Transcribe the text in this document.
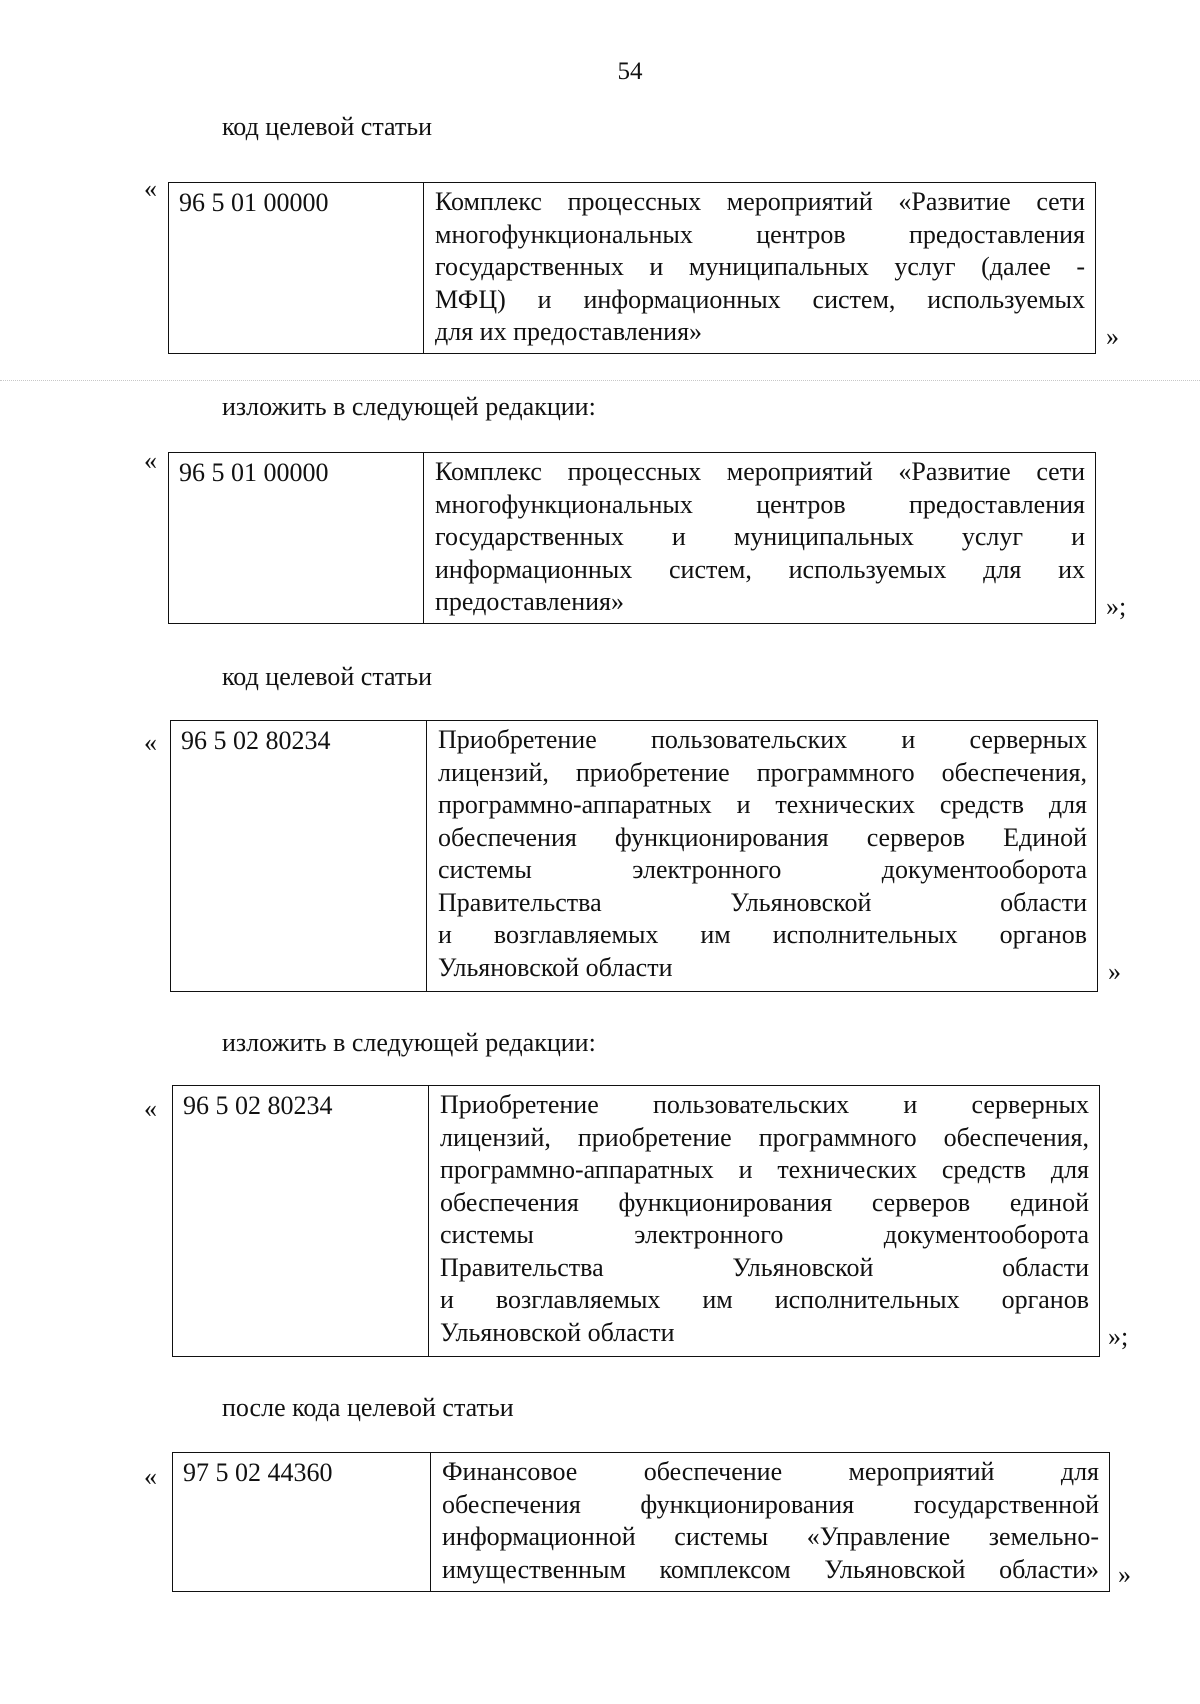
54
код целевой статьи
« 96 5 01 00000	Комплекс процессных мероприятий «Развитие сети
многофункциональных центров предоставления
государственных и муниципальных услуг (далее -
МФЦ) и информационных систем, используемых
для их предоставления»	»
изложить в следующей редакции:
« 96 5 01 00000	Комплекс процессных мероприятий «Развитие сети
многофункциональных центров предоставления
государственных и муниципальных услуг и
информационных систем, используемых для их
предоставления»	»;
код целевой статьи
« 96 5 02 80234	Приобретение пользовательских и серверных
лицензий, приобретение программного обеспечения,
программно-аппаратных и технических средств для
обеспечения функционирования серверов Единой
системы электронного документооборота
Правительства Ульяновской области
и возглавляемых им исполнительных органов
Ульяновской области	»
изложить в следующей редакции:
«	96 5 02 80234	Приобретение пользовательских и серверных
лицензий, приобретение программного обеспечения,
программно-аппаратных и технических средств для
обеспечения функционирования серверов единой
системы электронного документооборота
Правительства Ульяновской области
и возглавляемых им исполнительных органов
Ульяновской области	»;
после кода целевой статьи
«	97 5 02 44360	Финансовое обеспечение мероприятий для
обеспечения функционирования государственной
информационной системы «Управление земельно-
имущественным комплексом Ульяновской области» »
